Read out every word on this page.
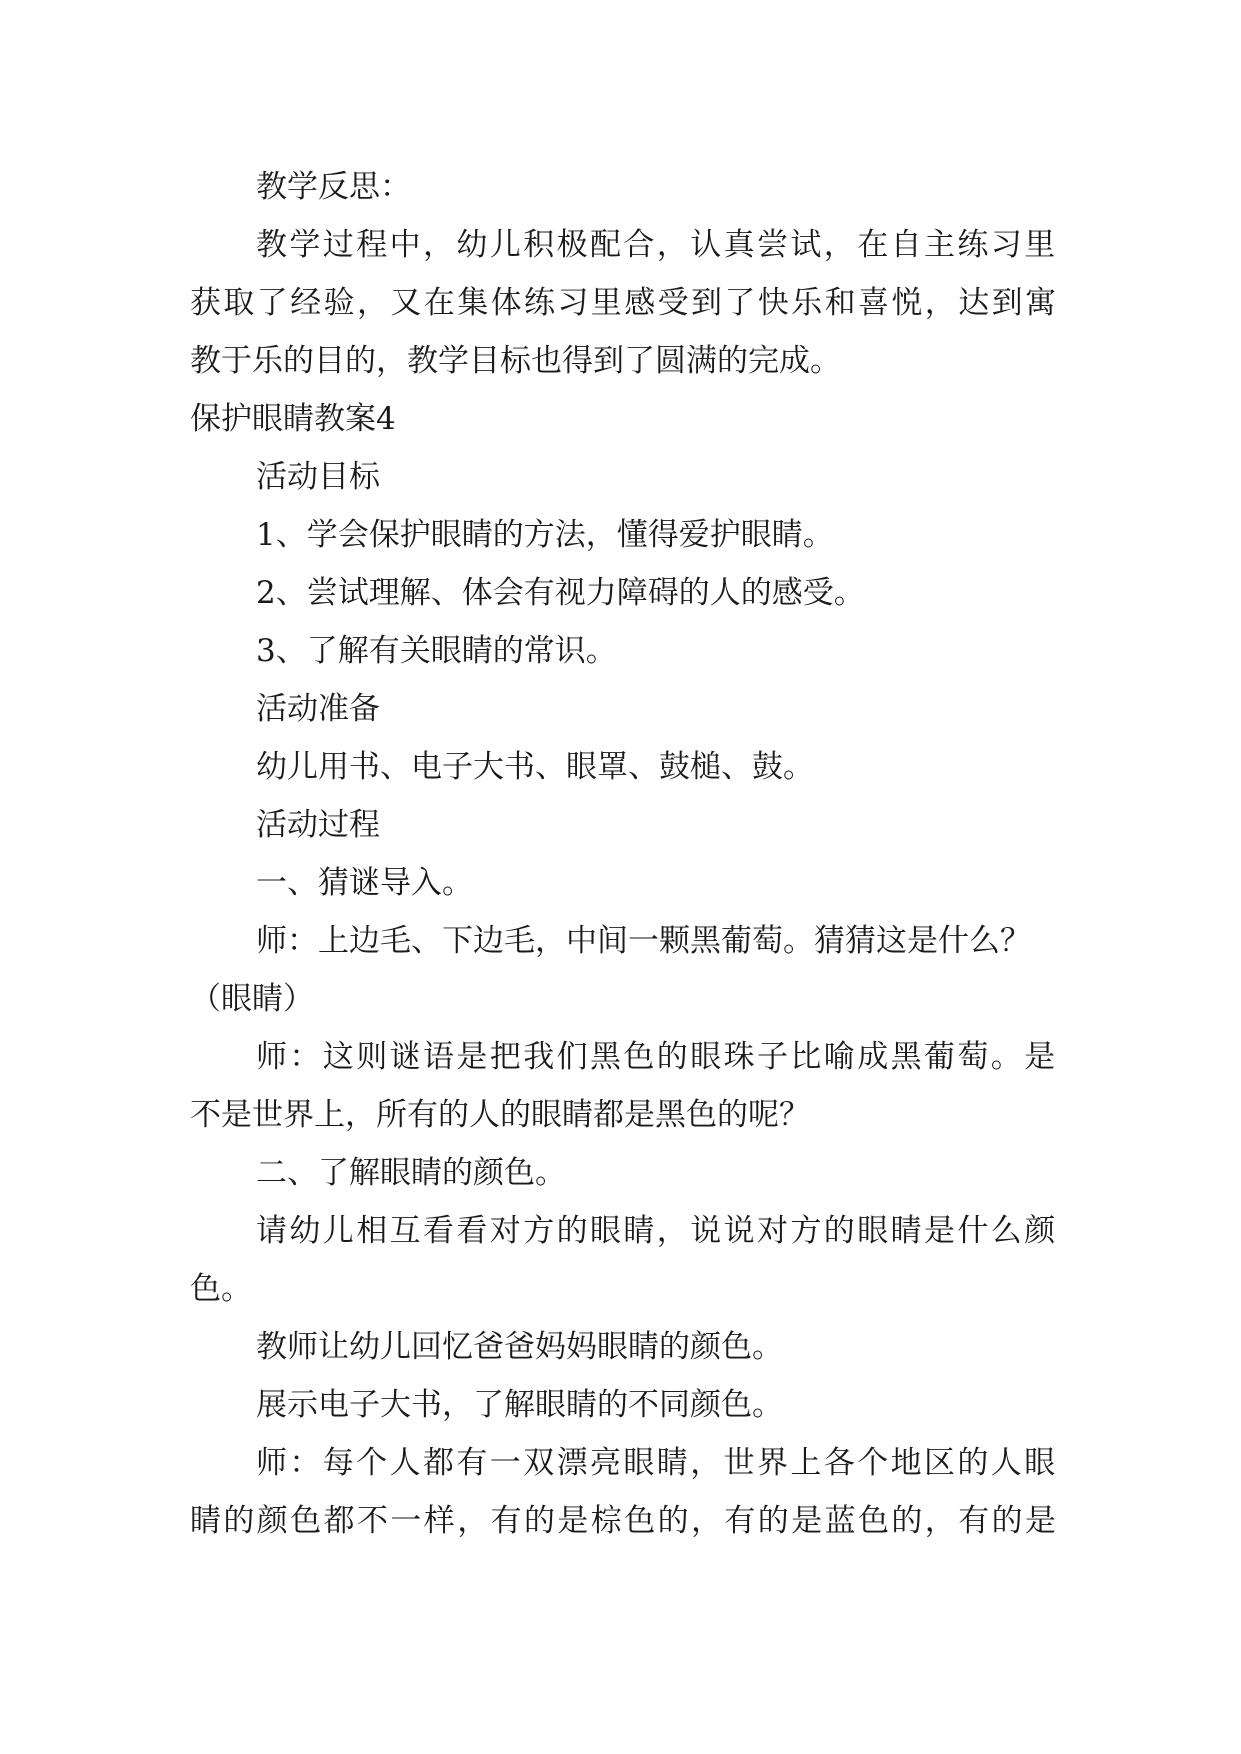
教学反思：
教学过程中，幼儿积极配合，认真尝试，在自主练习里
获取了经验，又在集体练习里感受到了快乐和喜悦，达到寓
教于乐的目的，教学目标也得到了圆满的完成。
保护眼睛教案4
活动目标
1、学会保护眼睛的方法，懂得爱护眼睛。
2、尝试理解、体会有视力障碍的人的感受。
3、了解有关眼睛的常识。
活动准备
幼儿用书、电子大书、眼罩、鼓槌、鼓。
活动过程
一、猜谜导入。
师：上边毛、下边毛，中间一颗黑葡萄。猜猜这是什么？
（眼睛）
师：这则谜语是把我们黑色的眼珠子比喻成黑葡萄。是
不是世界上，所有的人的眼睛都是黑色的呢？
二、了解眼睛的颜色。
请幼儿相互看看对方的眼睛，说说对方的眼睛是什么颜
色。
教师让幼儿回忆爸爸妈妈眼睛的颜色。
展示电子大书，了解眼睛的不同颜色。
师：每个人都有一双漂亮眼睛，世界上各个地区的人眼
睛的颜色都不一样，有的是棕色的，有的是蓝色的，有的是
